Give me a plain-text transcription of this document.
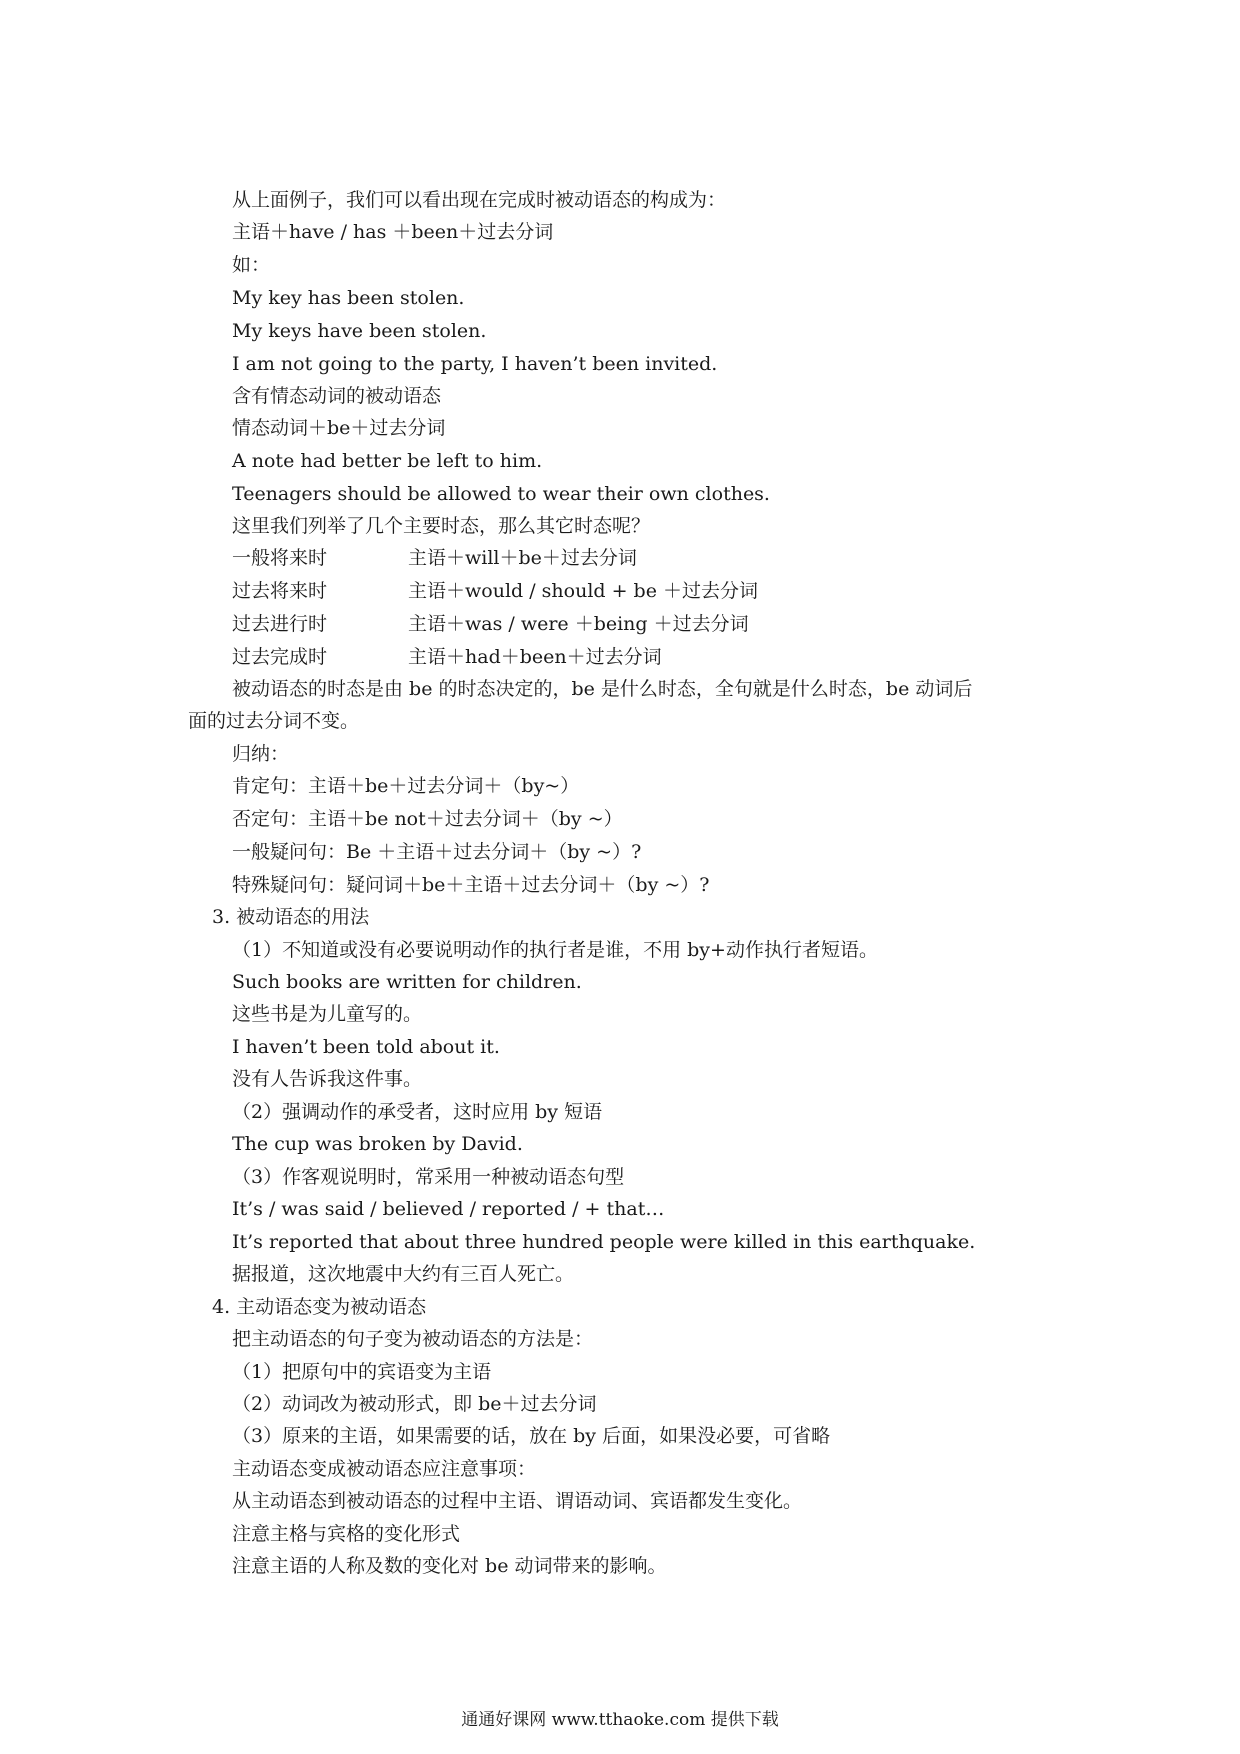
从上面例子，我们可以看出现在完成时被动语态的构成为：
主语＋have / has ＋been＋过去分词
如：
My key has been stolen.
My keys have been stolen.
I am not going to the party, I haven’t been invited.
含有情态动词的被动语态
情态动词＋be＋过去分词
A note had better be left to him.
Teenagers should be allowed to wear their own clothes.
这里我们列举了几个主要时态，那么其它时态呢？
一般将来时	主语＋will＋be＋过去分词
过去将来时	主语＋would / should + be ＋过去分词
过去进行时	主语＋was / were ＋being ＋过去分词
过去完成时	主语＋had＋been＋过去分词
被动语态的时态是由 be 的时态决定的，be 是什么时态，全句就是什么时态，be 动词后
面的过去分词不变。
归纳：
肯定句：主语＋be＋过去分词＋（by~）
否定句：主语＋be not＋过去分词＋（by ~）
一般疑问句：Be ＋主语＋过去分词＋（by ~）?
特殊疑问句：疑问词＋be＋主语＋过去分词＋（by ~）?
3. 被动语态的用法
（1）不知道或没有必要说明动作的执行者是谁，不用 by+动作执行者短语。
Such books are written for children.
这些书是为儿童写的。
I haven’t been told about it.
没有人告诉我这件事。
（2）强调动作的承受者，这时应用 by 短语
The cup was broken by David.
（3）作客观说明时，常采用一种被动语态句型
It’s / was said / believed / reported / + that…
It’s reported that about three hundred people were killed in this earthquake.
据报道，这次地震中大约有三百人死亡。
4. 主动语态变为被动语态
把主动语态的句子变为被动语态的方法是：
（1）把原句中的宾语变为主语
（2）动词改为被动形式，即 be＋过去分词
（3）原来的主语，如果需要的话，放在 by 后面，如果没必要，可省略
主动语态变成被动语态应注意事项：
从主动语态到被动语态的过程中主语、谓语动词、宾语都发生变化。
注意主格与宾格的变化形式
注意主语的人称及数的变化对 be 动词带来的影响。
通通好课网 www.tthaoke.com 提供下载
